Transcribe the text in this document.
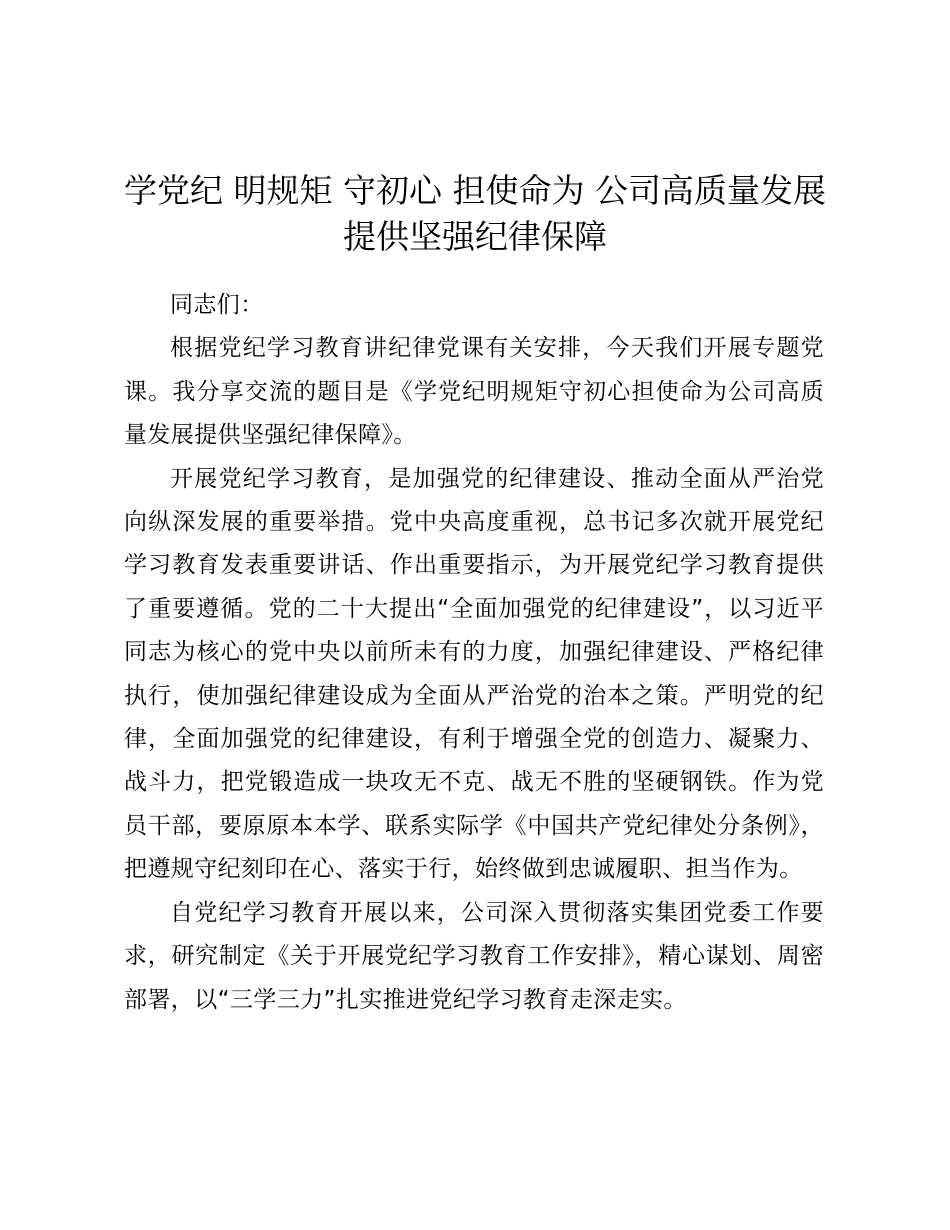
学党纪 明规矩 守初心 担使命为 公司高质量发展提供坚强纪律保障

同志们：

根据党纪学习教育讲纪律党课有关安排，今天我们开展专题党课。我分享交流的题目是《学党纪明规矩守初心担使命为公司高质量发展提供坚强纪律保障》。

开展党纪学习教育，是加强党的纪律建设、推动全面从严治党向纵深发展的重要举措。党中央高度重视，总书记多次就开展党纪学习教育发表重要讲话、作出重要指示，为开展党纪学习教育提供了重要遵循。党的二十大提出“全面加强党的纪律建设”，以习近平同志为核心的党中央以前所未有的力度，加强纪律建设、严格纪律执行，使加强纪律建设成为全面从严治党的治本之策。严明党的纪律，全面加强党的纪律建设，有利于增强全党的创造力、凝聚力、战斗力，把党锻造成一块攻无不克、战无不胜的坚硬钢铁。作为党员干部，要原原本本学、联系实际学《中国共产党纪律处分条例》，把遵规守纪刻印在心、落实于行，始终做到忠诚履职、担当作为。

自党纪学习教育开展以来，公司深入贯彻落实集团党委工作要求，研究制定《关于开展党纪学习教育工作安排》，精心谋划、周密部署，以“三学三力”扎实推进党纪学习教育走深走实。
